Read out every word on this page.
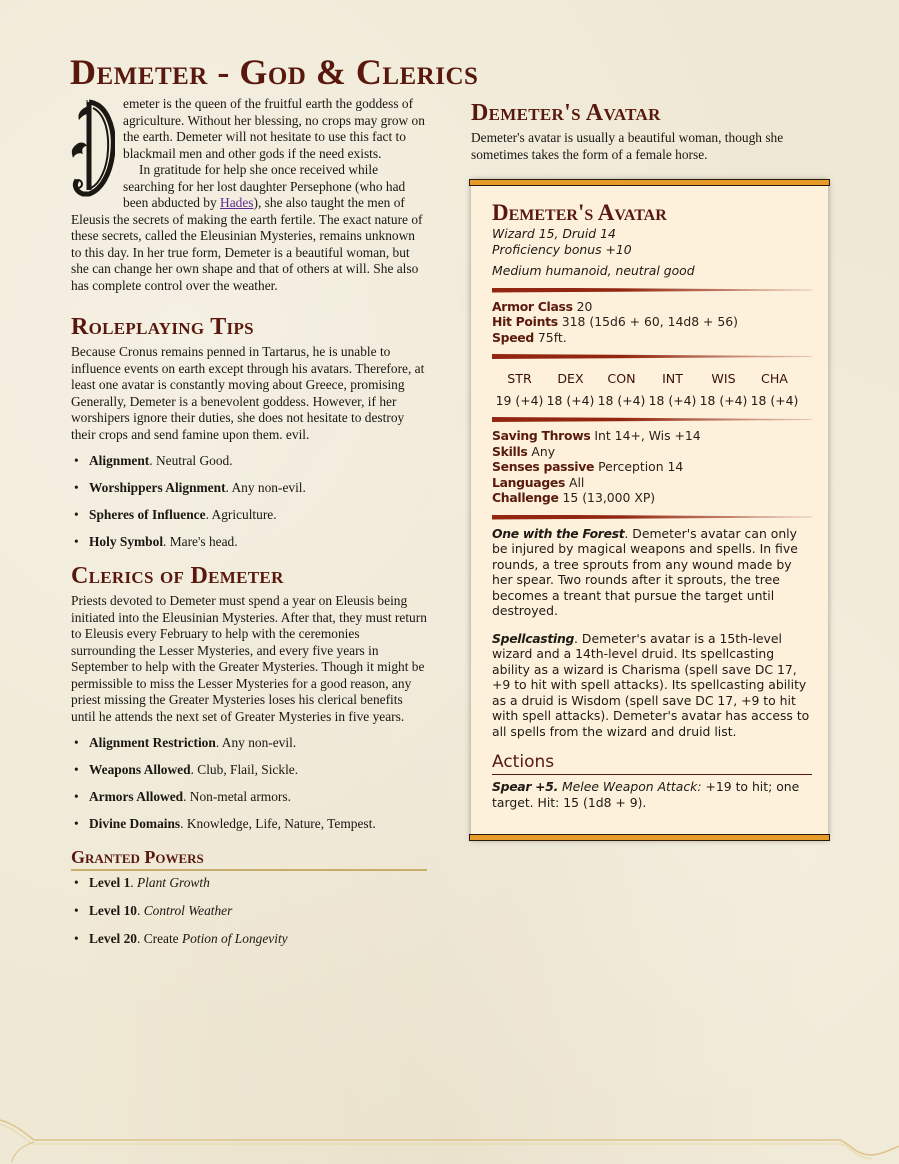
Demeter - God & Clerics

emeter is the queen of the fruitful earth the goddess of agriculture. Without her blessing, no crops may grow on the earth. Demeter will not hesitate to use this fact to blackmail men and other gods if the need exists.

In gratitude for help she once received while searching for her lost daughter Persephone (who had been abducted by Hades), she also taught the men of Eleusis the secrets of making the earth fertile. The exact nature of these secrets, called the Eleusinian Mysteries, remains unknown to this day. In her true form, Demeter is a beautiful woman, but she can change her own shape and that of others at will. She also has complete control over the weather.

Roleplaying Tips

Because Cronus remains penned in Tartarus, he is unable to influence events on earth except through his avatars. Therefore, at least one avatar is constantly moving about Greece, promising Generally, Demeter is a benevolent goddess. However, if her worshipers ignore their duties, she does not hesitate to destroy their crops and send famine upon them. evil.

• Alignment. Neutral Good.
• Worshippers Alignment. Any non-evil.
• Spheres of Influence. Agriculture.
• Holy Symbol. Mare's head.
Clerics of Demeter

Priests devoted to Demeter must spend a year on Eleusis being initiated into the Eleusinian Mysteries. After that, they must return to Eleusis every February to help with the ceremonies surrounding the Lesser Mysteries, and every five years in September to help with the Greater Mysteries. Though it might be permissible to miss the Lesser Mysteries for a good reason, any priest missing the Greater Mysteries loses his clerical benefits until he attends the next set of Greater Mysteries in five years.

• Alignment Restriction. Any non-evil.
• Weapons Allowed. Club, Flail, Sickle.
• Armors Allowed. Non-metal armors.
• Divine Domains. Knowledge, Life, Nature, Tempest.
Granted Powers
• Level 1. Plant Growth
• Level 10. Control Weather
• Level 20. Create Potion of Longevity
Demeter's Avatar

Demeter's avatar is usually a beautiful woman, though she sometimes takes the form of a female horse.

Demeter's Avatar
Wizard 15, Druid 14
Proficiency bonus +10
Medium humanoid, neutral good
Armor Class 20
Hit Points 318 (15d6 + 60, 14d8 + 56)
Speed 75ft.
STR
19 (+4)
DEX
18 (+4)
CON
18 (+4)
INT
18 (+4)
WIS
18 (+4)
CHA
18 (+4)
Saving Throws Int 14+, Wis +14
Skills Any
Senses passive Perception 14
Languages All
Challenge 15 (13,000 XP)
One with the Forest. Demeter's avatar can only be injured by magical weapons and spells. In five rounds, a tree sprouts from any wound made by her spear. Two rounds after it sprouts, the tree becomes a treant that pursue the target until destroyed.
Spellcasting. Demeter's avatar is a 15th-level wizard and a 14th-level druid. Its spellcasting ability as a wizard is Charisma (spell save DC 17, +9 to hit with spell attacks). Its spellcasting ability as a druid is Wisdom (spell save DC 17, +9 to hit with spell attacks). Demeter's avatar has access to all spells from the wizard and druid list.
Actions
Spear +5. Melee Weapon Attack: +19 to hit; one target. Hit: 15 (1d8 + 9).
